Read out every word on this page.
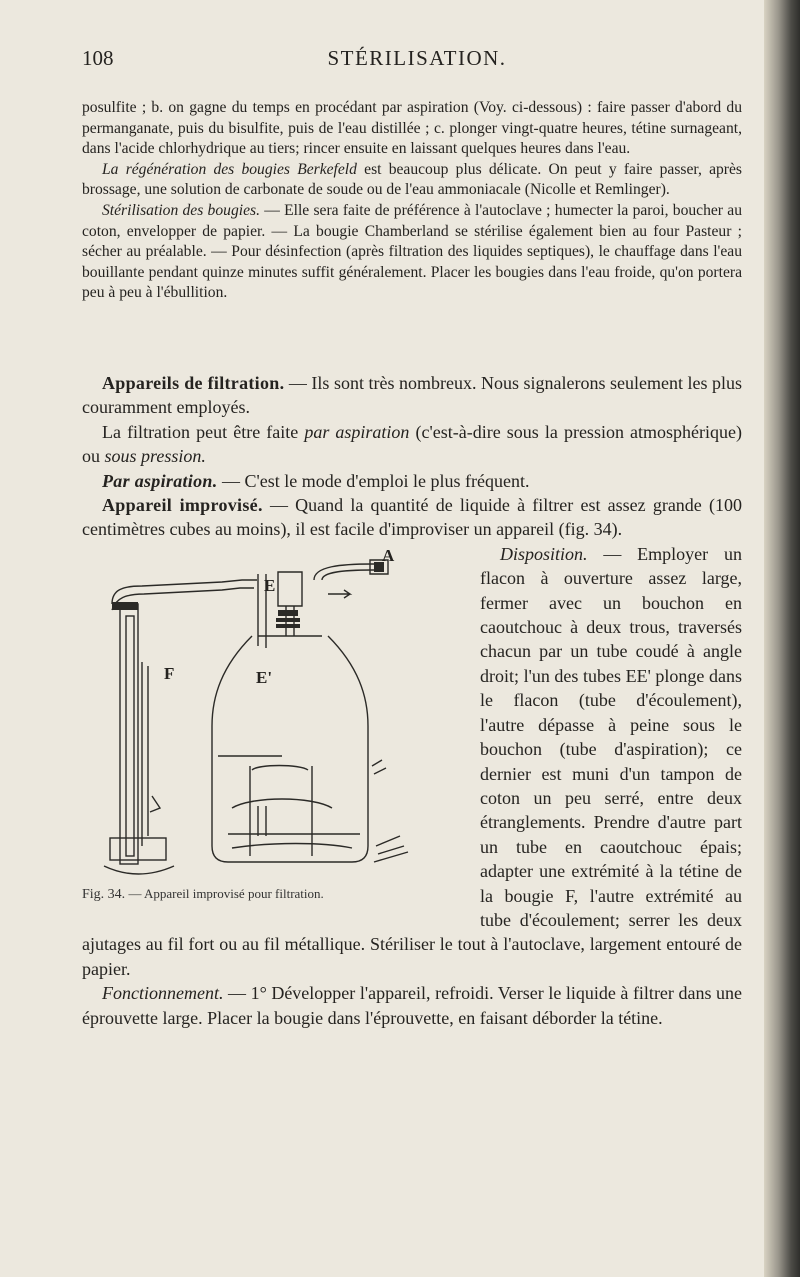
108	STÉRILISATION.

posulfite ; b. on gagne du temps en procédant par aspiration (Voy. ci-dessous) : faire passer d'abord du permanganate, puis du bisulfite, puis de l'eau distillée ; c. plonger vingt-quatre heures, tétine surnageant, dans l'acide chlorhydrique au tiers; rincer ensuite en laissant quelques heures dans l'eau.

La régénération des bougies Berkefeld est beaucoup plus délicate. On peut y faire passer, après brossage, une solution de carbonate de soude ou de l'eau ammoniacale (Nicolle et Remlinger).

Stérilisation des bougies. — Elle sera faite de préférence à l'autoclave ; humecter la paroi, boucher au coton, envelopper de papier. — La bougie Chamberland se stérilise également bien au four Pasteur ; sécher au préalable. — Pour désinfection (après filtration des liquides septiques), le chauffage dans l'eau bouillante pendant quinze minutes suffit généralement. Placer les bougies dans l'eau froide, qu'on portera peu à peu à l'ébullition.

Appareils de filtration. — Ils sont très nombreux. Nous signalerons seulement les plus couramment employés.

La filtration peut être faite par aspiration (c'est-à-dire sous la pression atmosphérique) ou sous pression.

Par aspiration. — C'est le mode d'emploi le plus fréquent.

Appareil improvisé. — Quand la quantité de liquide à filtrer est assez grande (100 centimètres cubes au moins), il est facile d'improviser un appareil (fig. 34).

A
E
E'
F
Fig. 34. — Appareil improvisé pour filtration.

Disposition. — Employer un flacon à ouverture assez large, fermer avec un bouchon en caoutchouc à deux trous, traversés chacun par un tube coudé à angle droit; l'un des tubes EE' plonge dans le flacon (tube d'écoulement), l'autre dépasse à peine sous le bouchon (tube d'aspiration); ce dernier est muni d'un tampon de coton un peu serré, entre deux étranglements. Prendre d'autre part un tube en caoutchouc épais; adapter une extrémité à la tétine de la bougie F, l'autre extrémité au tube d'écoulement; serrer les deux ajutages au fil fort ou au fil métallique. Stériliser le tout à l'autoclave, largement entouré de papier.

Fonctionnement. — 1° Développer l'appareil, refroidi. Verser le liquide à filtrer dans une éprouvette large. Placer la bougie dans l'éprouvette, en faisant déborder la tétine.
